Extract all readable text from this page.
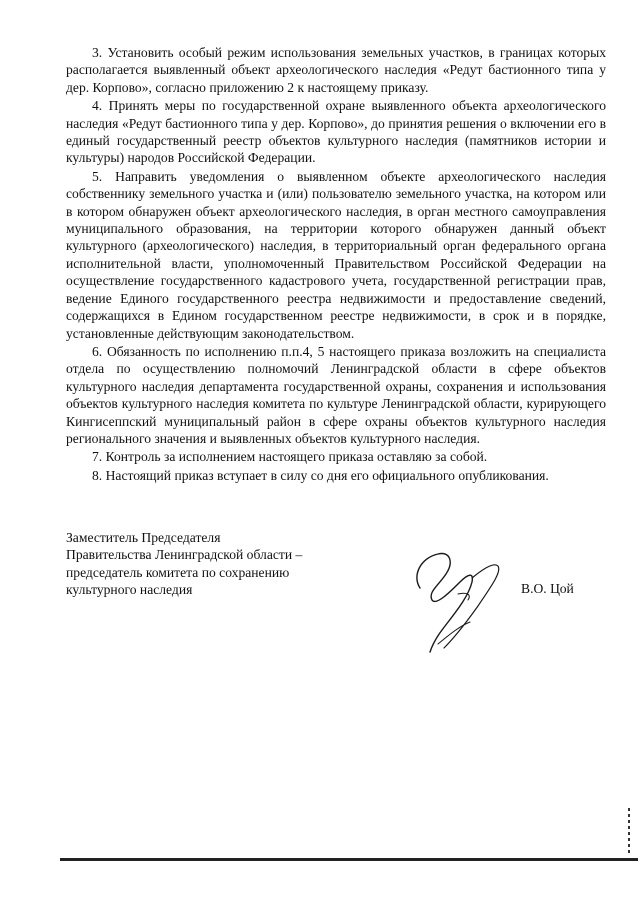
3. Установить особый режим использования земельных участков, в границах которых располагается выявленный объект археологического наследия «Редут бастионного типа у дер. Корпово», согласно приложению 2 к настоящему приказу.

4. Принять меры по государственной охране выявленного объекта археологического наследия «Редут бастионного типа у дер. Корпово», до принятия решения о включении его в единый государственный реестр объектов культурного наследия (памятников истории и культуры) народов Российской Федерации.

5. Направить уведомления о выявленном объекте археологического наследия собственнику земельного участка и (или) пользователю земельного участка, на котором или в котором обнаружен объект археологического наследия, в орган местного самоуправления муниципального образования, на территории которого обнаружен данный объект культурного (археологического) наследия, в территориальный орган федерального органа исполнительной власти, уполномоченный Правительством Российской Федерации на осуществление государственного кадастрового учета, государственной регистрации прав, ведение Единого государственного реестра недвижимости и предоставление сведений, содержащихся в Едином государственном реестре недвижимости, в срок и в порядке, установленные действующим законодательством.

6. Обязанность по исполнению п.п.4, 5 настоящего приказа возложить на специалиста отдела по осуществлению полномочий Ленинградской области в сфере объектов культурного наследия департамента государственной охраны, сохранения и использования объектов культурного наследия комитета по культуре Ленинградской области, курирующего Кингисеппский муниципальный район в сфере охраны объектов культурного наследия регионального значения и выявленных объектов культурного наследия.

7. Контроль за исполнением настоящего приказа оставляю за собой.

8. Настоящий приказ вступает в силу со дня его официального опубликования.

Заместитель Председателя
Правительства Ленинградской области –
председатель комитета по сохранению
культурного наследия	В.О. Цой
